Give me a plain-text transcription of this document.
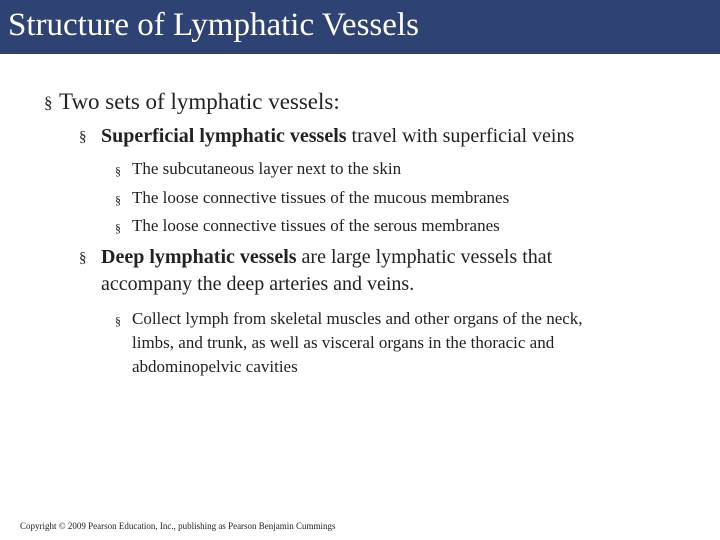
Structure of Lymphatic Vessels
§ Two sets of lymphatic vessels:
§ Superficial lymphatic vessels travel with superficial veins
§ The subcutaneous layer next to the skin
§ The loose connective tissues of the mucous membranes
§ The loose connective tissues of the serous membranes
§ Deep lymphatic vessels are large lymphatic vessels that
accompany the deep arteries and veins.
§ Collect lymph from skeletal muscles and other organs of the neck,
limbs, and trunk, as well as visceral organs in the thoracic and
abdominopelvic cavities
Copyright © 2009 Pearson Education, Inc., publishing as Pearson Benjamin Cummings
